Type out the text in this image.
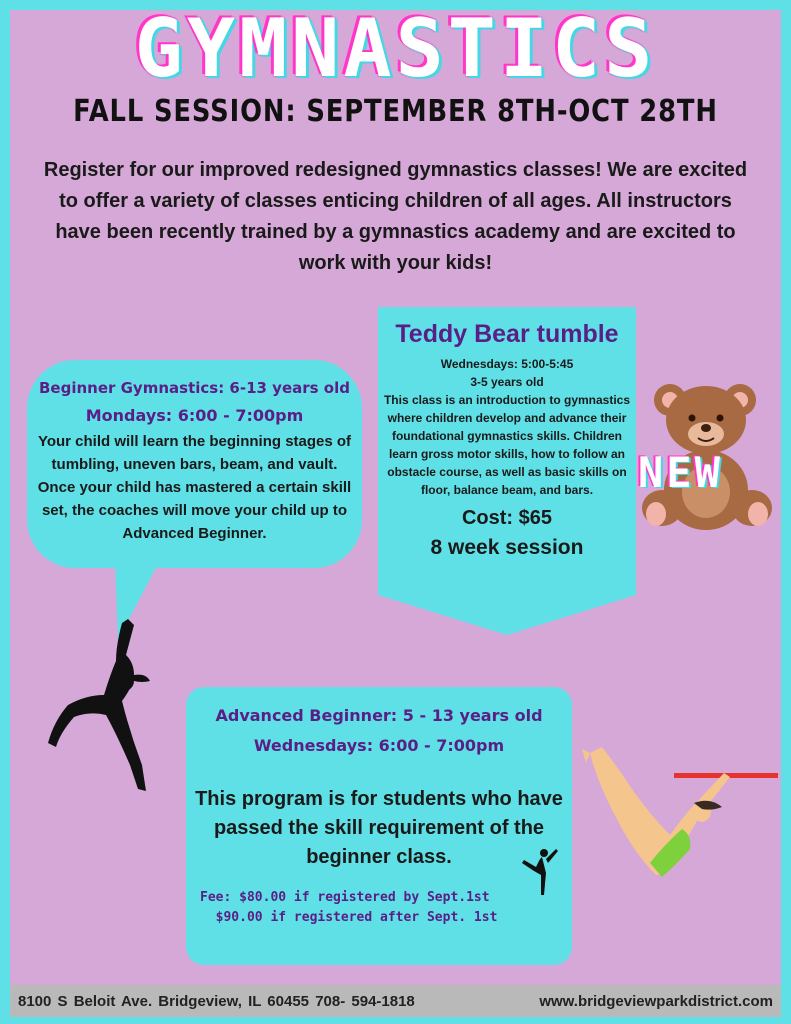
GYMNASTICS
FALL SESSION: SEPTEMBER 8TH-OCT 28TH
Register for our improved redesigned gymnastics classes! We are excited to offer a variety of classes enticing children of all ages. All instructors have been recently trained by a gymnastics academy and are excited to work with your kids!
Beginner Gymnastics: 6-13 years old
Mondays: 6:00 - 7:00pm
Your child will learn the beginning stages of tumbling, uneven bars, beam, and vault. Once your child has mastered a certain skill set, the coaches will move your child up to Advanced Beginner.
Teddy Bear tumble
Wednesdays: 5:00-5:45
3-5 years old
This class is an introduction to gymnastics where children develop and advance their foundational gymnastics skills. Children learn gross motor skills, how to follow an obstacle course, as well as basic skills on floor, balance beam, and bars.
Cost: $65
8 week session
NEW
Advanced Beginner: 5 - 13 years old
Wednesdays: 6:00 - 7:00pm
This program is for students who have passed the skill requirement of the beginner class.
Fee: $80.00 if registered by Sept.1st
$90.00 if registered after Sept. 1st
8100 S Beloit Ave. Bridgeview, IL 60455 708- 594-1818	www.bridgeviewparkdistrict.com
